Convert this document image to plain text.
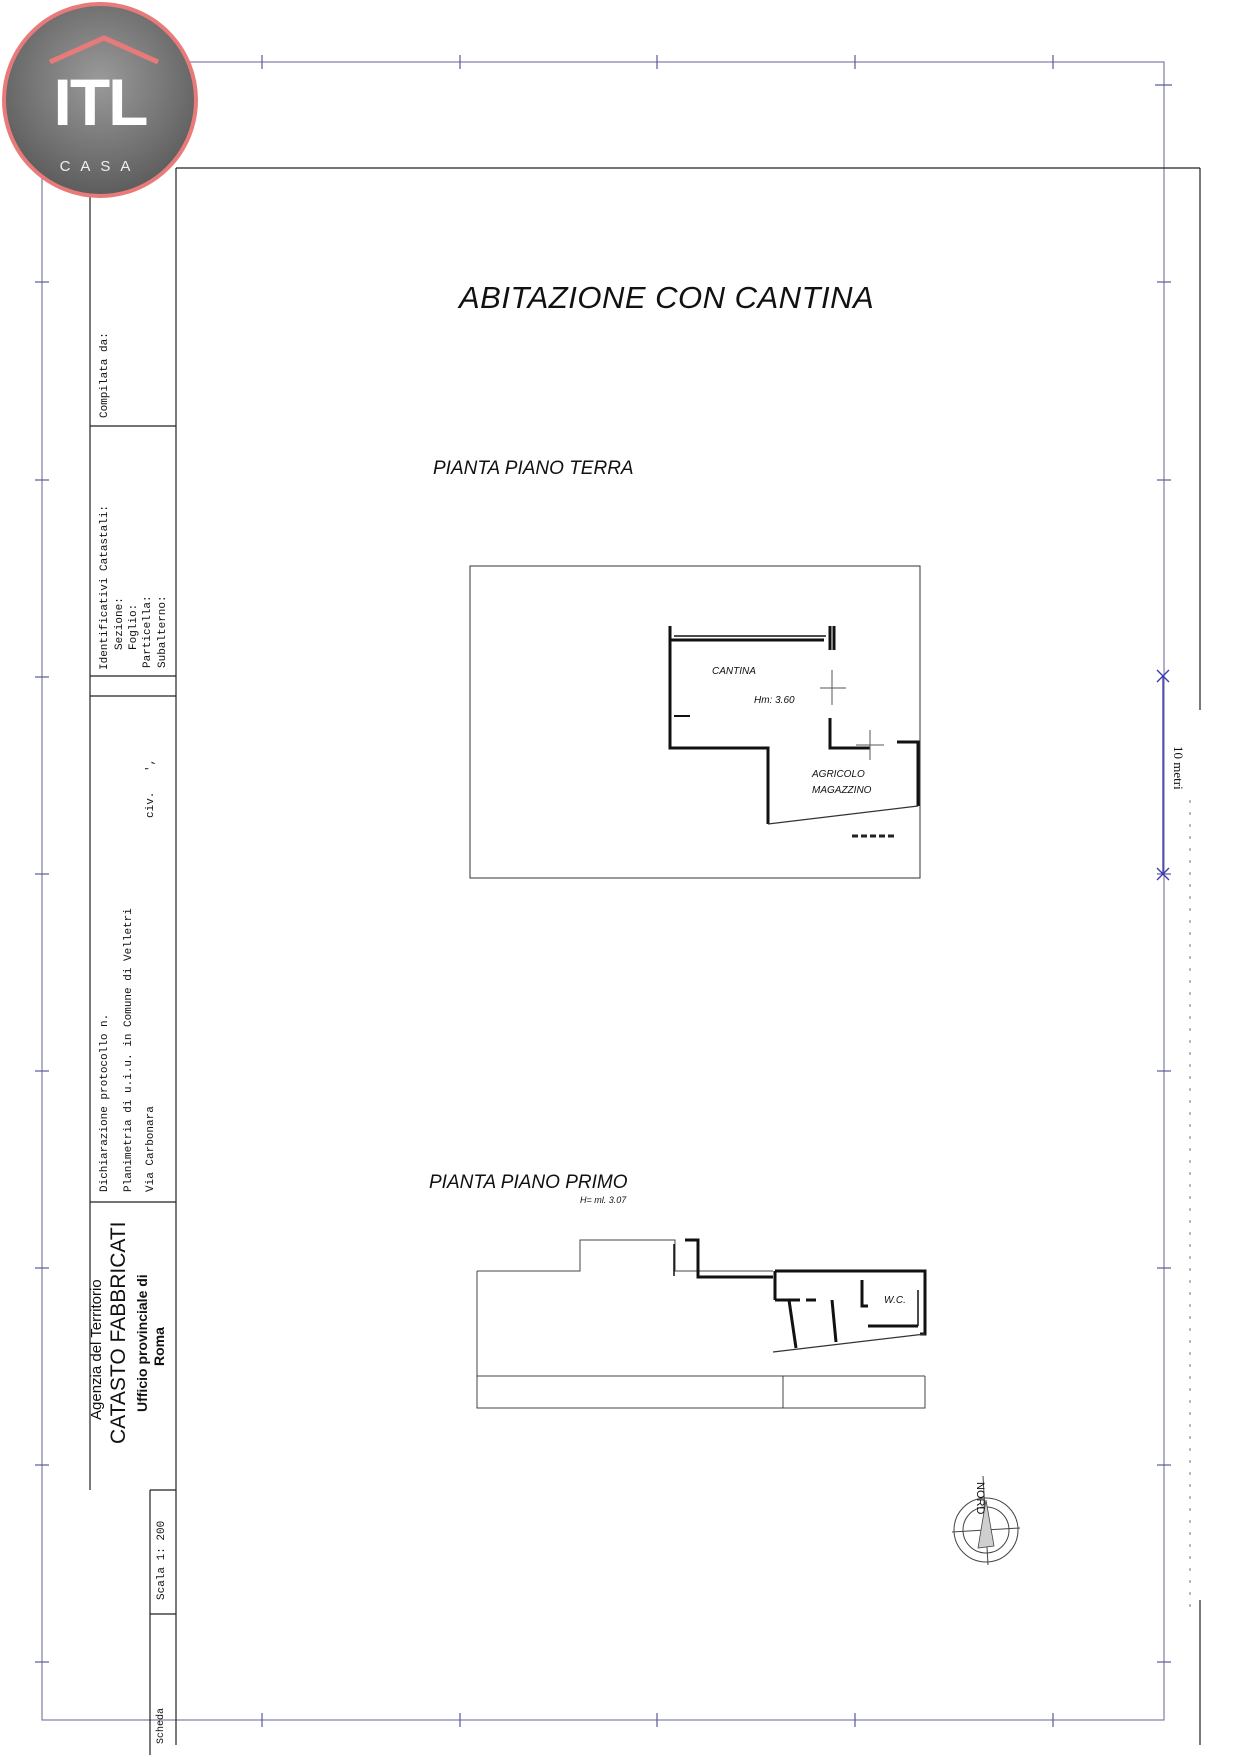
ITL
CASA
ABITAZIONE CON CANTINA
PIANTA PIANO TERRA
CANTINA
Hm: 3.60
AGRICOLO
MAGAZZINO
PIANTA PIANO PRIMO
H= ml. 3.07
W.C.
NORD
10 metri
Compilata da:
Identificativi Catastali: Sezione: Foglio: Particella: Subalterno:
Dichiarazione protocollo n. Planimetria di u.i.u. in Comune di Velletri Via Carbonara
civ.
',
Agenzia del Territorio CATASTO FABBRICATI Ufficio provinciale di Roma
Scala 1: 200
Scheda
